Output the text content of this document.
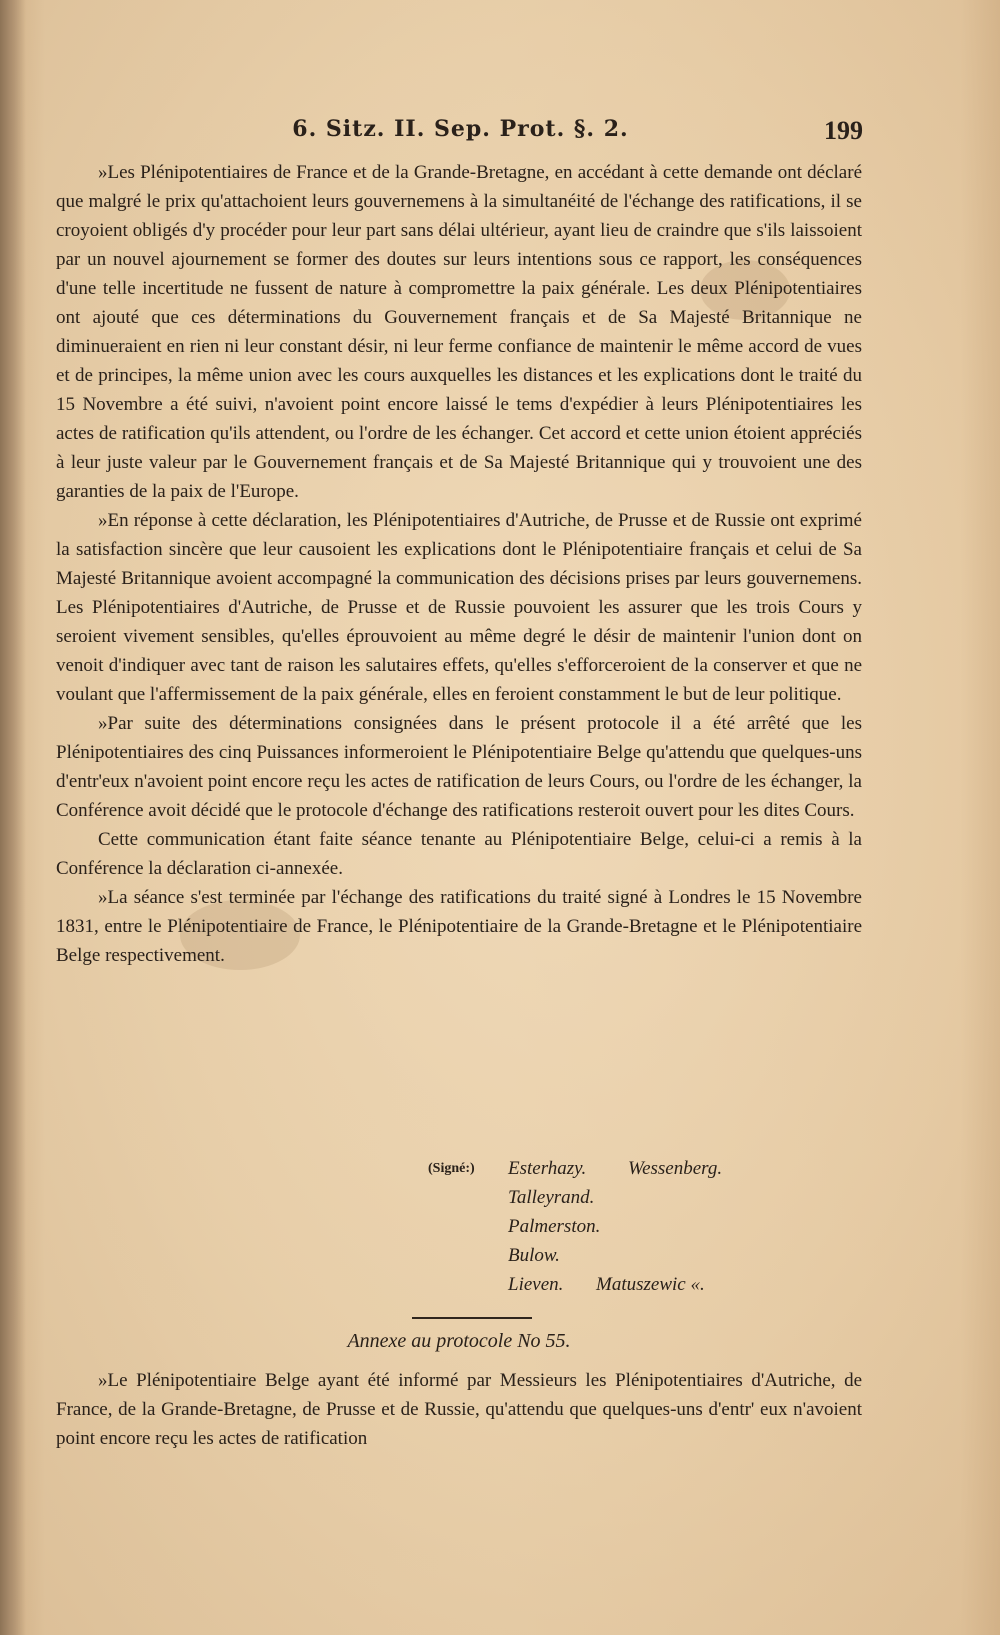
6. Sitz. II. Sep. Prot. §. 2.	199

»Les Plénipotentiaires de France et de la Grande-Bretagne, en accédant à cette demande ont déclaré que malgré le prix qu'attachoient leurs gouvernemens à la simultanéité de l'échange des ratifications, il se croyoient obligés d'y procéder pour leur part sans délai ultérieur, ayant lieu de craindre que s'ils laissoient par un nouvel ajournement se former des doutes sur leurs intentions sous ce rapport, les conséquences d'une telle incertitude ne fussent de nature à compromettre la paix générale. Les deux Plénipotentiaires ont ajouté que ces déterminations du Gouvernement français et de Sa Majesté Britannique ne diminueraient en rien ni leur constant désir, ni leur ferme confiance de maintenir le même accord de vues et de principes, la même union avec les cours auxquelles les distances et les explications dont le traité du 15 Novembre a été suivi, n'avoient point encore laissé le tems d'expédier à leurs Plénipotentiaires les actes de ratification qu'ils attendent, ou l'ordre de les échanger. Cet accord et cette union étoient appréciés à leur juste valeur par le Gouvernement français et de Sa Majesté Britannique qui y trouvoient une des garanties de la paix de l'Europe.

»En réponse à cette déclaration, les Plénipotentiaires d'Autriche, de Prusse et de Russie ont exprimé la satisfaction sincère que leur causoient les explications dont le Plénipotentiaire français et celui de Sa Majesté Britannique avoient accompagné la communication des décisions prises par leurs gouvernemens. Les Plénipotentiaires d'Autriche, de Prusse et de Russie pouvoient les assurer que les trois Cours y seroient vivement sensibles, qu'elles éprouvoient au même degré le désir de maintenir l'union dont on venoit d'indiquer avec tant de raison les salutaires effets, qu'elles s'efforceroient de la conserver et que ne voulant que l'affermissement de la paix générale, elles en feroient constamment le but de leur politique.

»Par suite des déterminations consignées dans le présent protocole il a été arrêté que les Plénipotentiaires des cinq Puissances informeroient le Plénipotentiaire Belge qu'attendu que quelques-uns d'entr'eux n'avoient point encore reçu les actes de ratification de leurs Cours, ou l'ordre de les échanger, la Conférence avoit décidé que le protocole d'échange des ratifications resteroit ouvert pour les dites Cours.

Cette communication étant faite séance tenante au Plénipotentiaire Belge, celui-ci a remis à la Conférence la déclaration ci-annexée.

»La séance s'est terminée par l'échange des ratifications du traité signé à Londres le 15 Novembre 1831, entre le Plénipotentiaire de France, le Plénipotentiaire de la Grande-Bretagne et le Plénipotentiaire Belge respectivement.

(Signé:)	Esterhazy.	Wessenberg.
Talleyrand.
Palmerston.
Bulow.
Lieven.	Matuszewic «.
Annexe au protocole No 55.

»Le Plénipotentiaire Belge ayant été informé par Messieurs les Plénipotentiaires d'Autriche, de France, de la Grande-Bretagne, de Prusse et de Russie, qu'attendu que quelques-uns d'entr' eux n'avoient point encore reçu les actes de ratification
